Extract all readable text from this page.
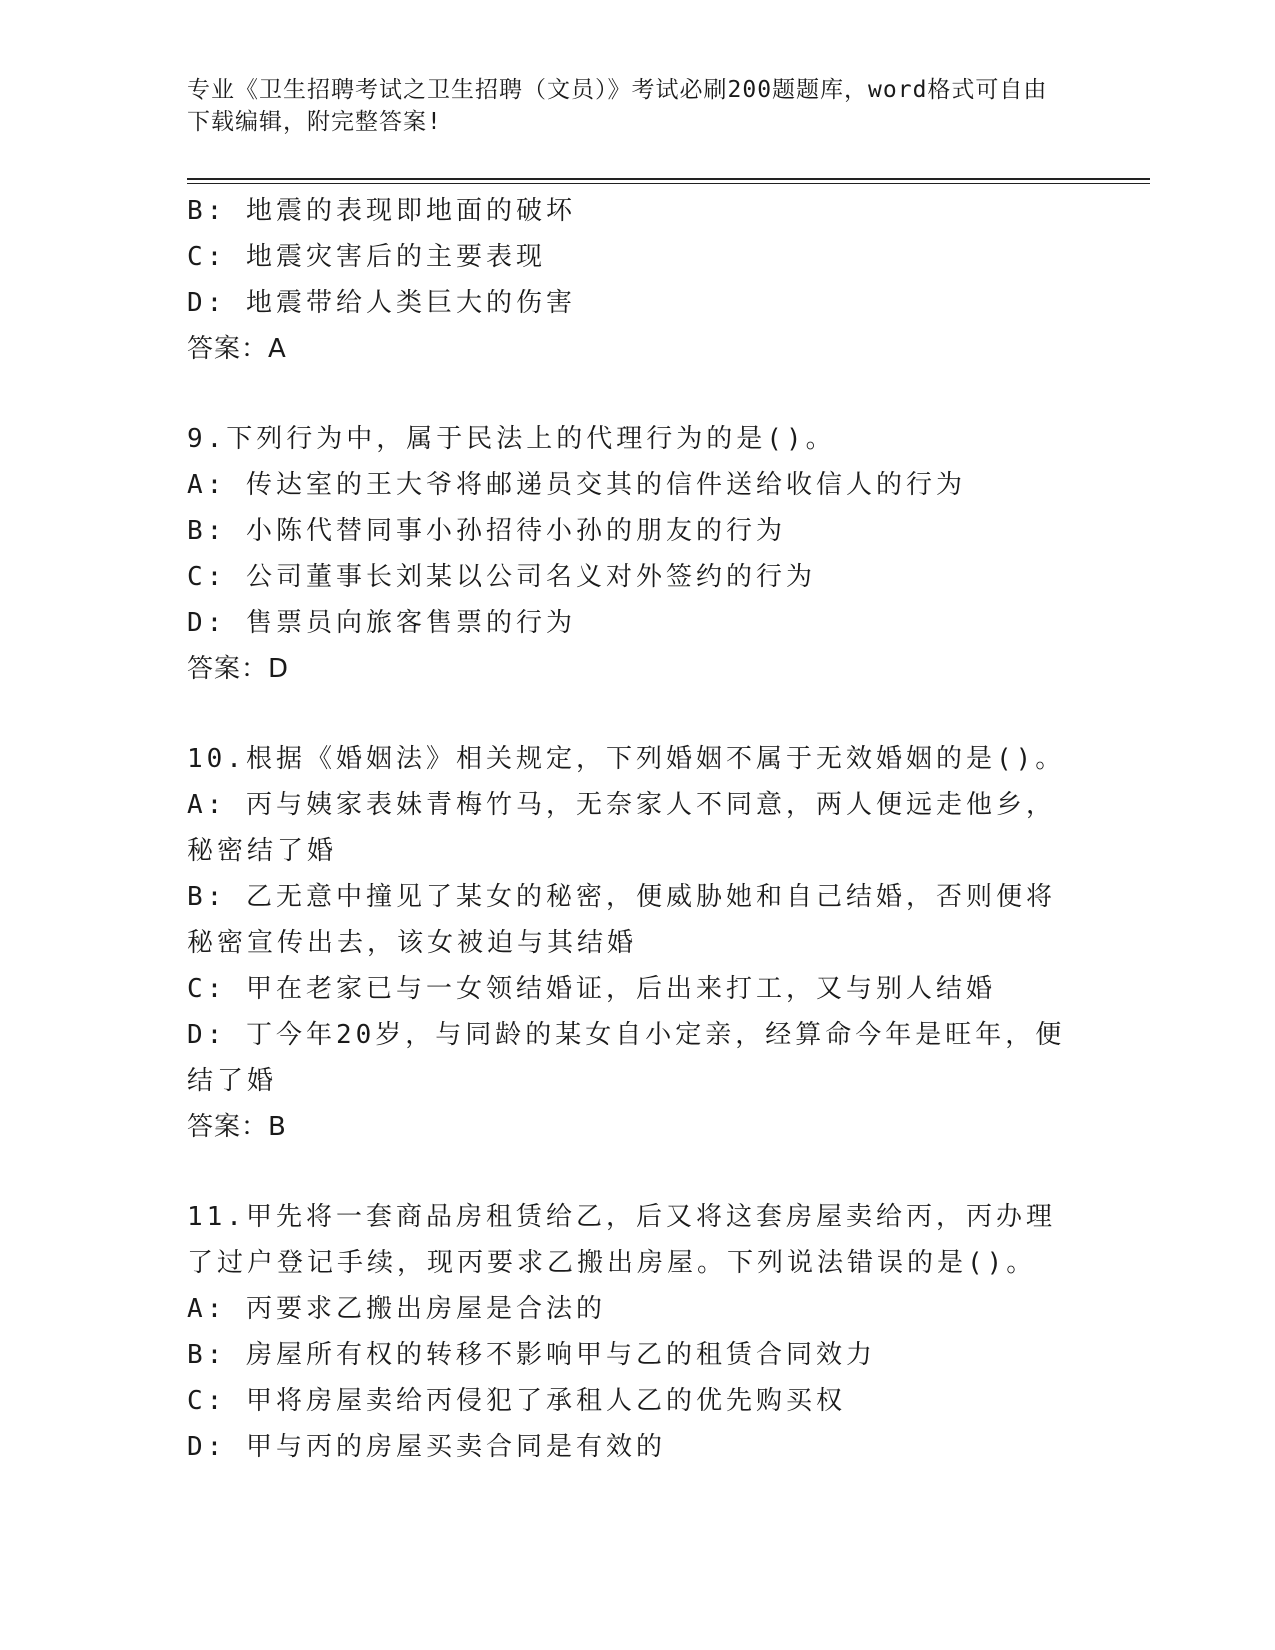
专业《卫生招聘考试之卫生招聘（文员）》考试必刷200题题库，word格式可自由下载编辑，附完整答案!

B: 地震的表现即地面的破坏

C: 地震灾害后的主要表现

D: 地震带给人类巨大的伤害

答案：A

9.下列行为中，属于民法上的代理行为的是()。

A: 传达室的王大爷将邮递员交其的信件送给收信人的行为

B: 小陈代替同事小孙招待小孙的朋友的行为

C: 公司董事长刘某以公司名义对外签约的行为

D: 售票员向旅客售票的行为

答案：D

10.根据《婚姻法》相关规定，下列婚姻不属于无效婚姻的是()。

A: 丙与姨家表妹青梅竹马，无奈家人不同意，两人便远走他乡，秘密结了婚

B: 乙无意中撞见了某女的秘密，便威胁她和自己结婚，否则便将秘密宣传出去，该女被迫与其结婚

C: 甲在老家已与一女领结婚证，后出来打工，又与别人结婚

D: 丁今年20岁，与同龄的某女自小定亲，经算命今年是旺年，便结了婚

答案：B

11.甲先将一套商品房租赁给乙，后又将这套房屋卖给丙，丙办理了过户登记手续，现丙要求乙搬出房屋。下列说法错误的是()。

A: 丙要求乙搬出房屋是合法的

B: 房屋所有权的转移不影响甲与乙的租赁合同效力

C: 甲将房屋卖给丙侵犯了承租人乙的优先购买权

D: 甲与丙的房屋买卖合同是有效的
